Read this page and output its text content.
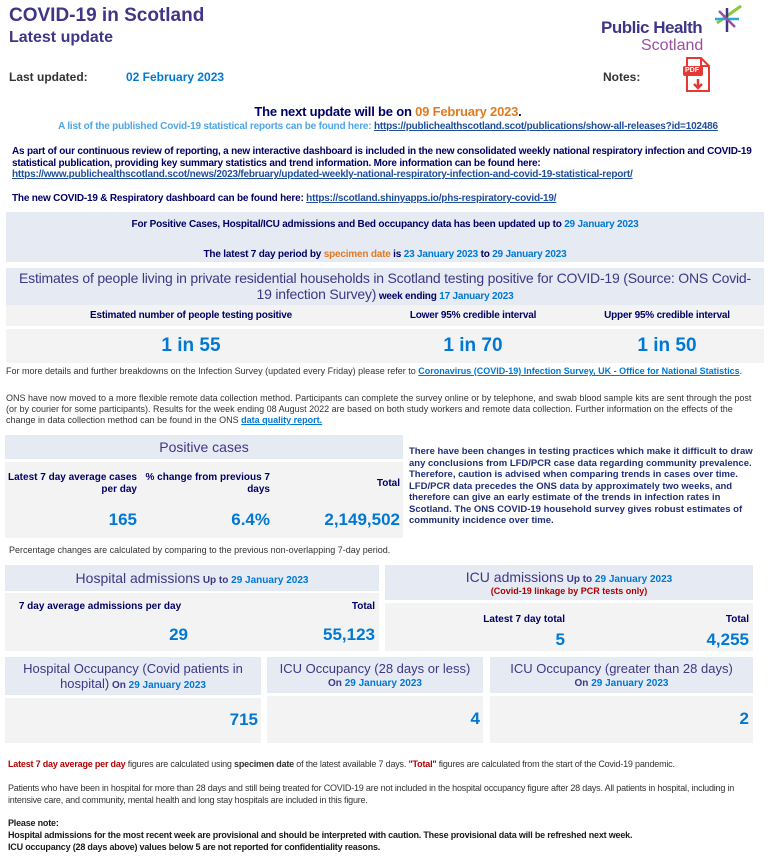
COVID-19 in Scotland
Latest update
Last updated:	02 February 2023
Public Health
Scotland
Notes:	PDF
The next update will be on 09 February 2023.
A list of the published Covid-19 statistical reports can be found here: https://publichealthscotland.scot/publications/show-all-releases?id=102486
As part of our continuous review of reporting, a new interactive dashboard is included in the new consolidated weekly national respiratory infection and COVID-19 statistical publication, providing key summary statistics and trend information. More information can be found here:
https://www.publichealthscotland.scot/news/2023/february/updated-weekly-national-respiratory-infection-and-covid-19-statistical-report/
The new COVID-19 & Respiratory dashboard can be found here: https://scotland.shinyapps.io/phs-respiratory-covid-19/
For Positive Cases, Hospital/ICU admissions and Bed occupancy data has been updated up to 29 January 2023
The latest 7 day period by specimen date is 23 January 2023 to 29 January 2023
Estimates of people living in private residential households in Scotland testing positive for COVID-19 (Source: ONS Covid-19 infection Survey) week ending 17 January 2023
Estimated number of people testing positive	Lower 95% credible interval	Upper 95% credible interval
1 in 55	1 in 70	1 in 50
For more details and further breakdowns on the Infection Survey (updated every Friday) please refer to Coronavirus (COVID-19) Infection Survey, UK - Office for National Statistics.
ONS have now moved to a more flexible remote data collection method. Participants can complete the survey online or by telephone, and swab blood sample kits are sent through the post (or by courier for some participants). Results for the week ending 08 August 2022 are based on both study workers and remote data collection. Further information on the effects of the change in data collection method can be found in the ONS data quality report.
Positive cases
Latest 7 day average cases per day
% change from previous 7 days
Total
165	6.4%	2,149,502
There have been changes in testing practices which make it difficult to draw any conclusions from LFD/PCR case data regarding community prevalence. Therefore, caution is advised when comparing trends in cases over time. LFD/PCR data precedes the ONS data by approximately two weeks, and therefore can give an early estimate of the trends in infection rates in Scotland. The ONS COVID-19 household survey gives robust estimates of community incidence over time.
Percentage changes are calculated by comparing to the previous non-overlapping 7-day period.
Hospital admissions Up to 29 January 2023
7 day average admissions per day	Total
29	55,123
ICU admissions Up to 29 January 2023
(Covid-19 linkage by PCR tests only)
Latest 7 day total	Total
5	4,255
Hospital Occupancy (Covid patients in hospital) On 29 January 2023
715
ICU Occupancy (28 days or less)
On 29 January 2023
4
ICU Occupancy (greater than 28 days)
On 29 January 2023
2
Latest 7 day average per day figures are calculated using specimen date of the latest available 7 days. "Total" figures are calculated from the start of the Covid-19 pandemic.
Patients who have been in hospital for more than 28 days and still being treated for COVID-19 are not included in the hospital occupancy figure after 28 days. All patients in hospital, including in intensive care, and community, mental health and long stay hospitals are included in this figure.
Please note:
Hospital admissions for the most recent week are provisional and should be interpreted with caution. These provisional data will be refreshed next week.
ICU occupancy (28 days above) values below 5 are not reported for confidentiality reasons.
